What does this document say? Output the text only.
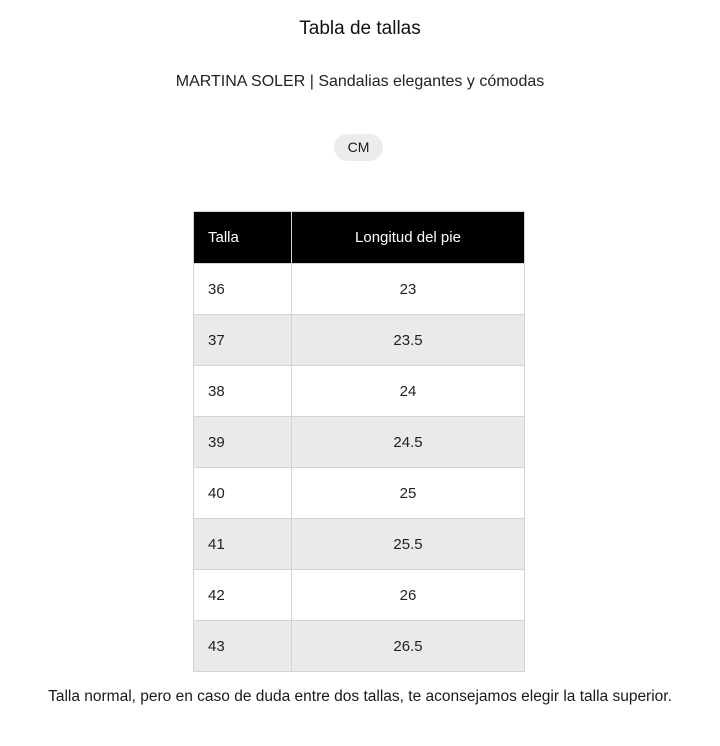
Tabla de tallas
MARTINA SOLER | Sandalias elegantes y cómodas
CM
Talla	Longitud del pie
36	23
37	23.5
38	24
39	24.5
40	25
41	25.5
42	26
43	26.5
Talla normal, pero en caso de duda entre dos tallas, te aconsejamos elegir la talla superior.
